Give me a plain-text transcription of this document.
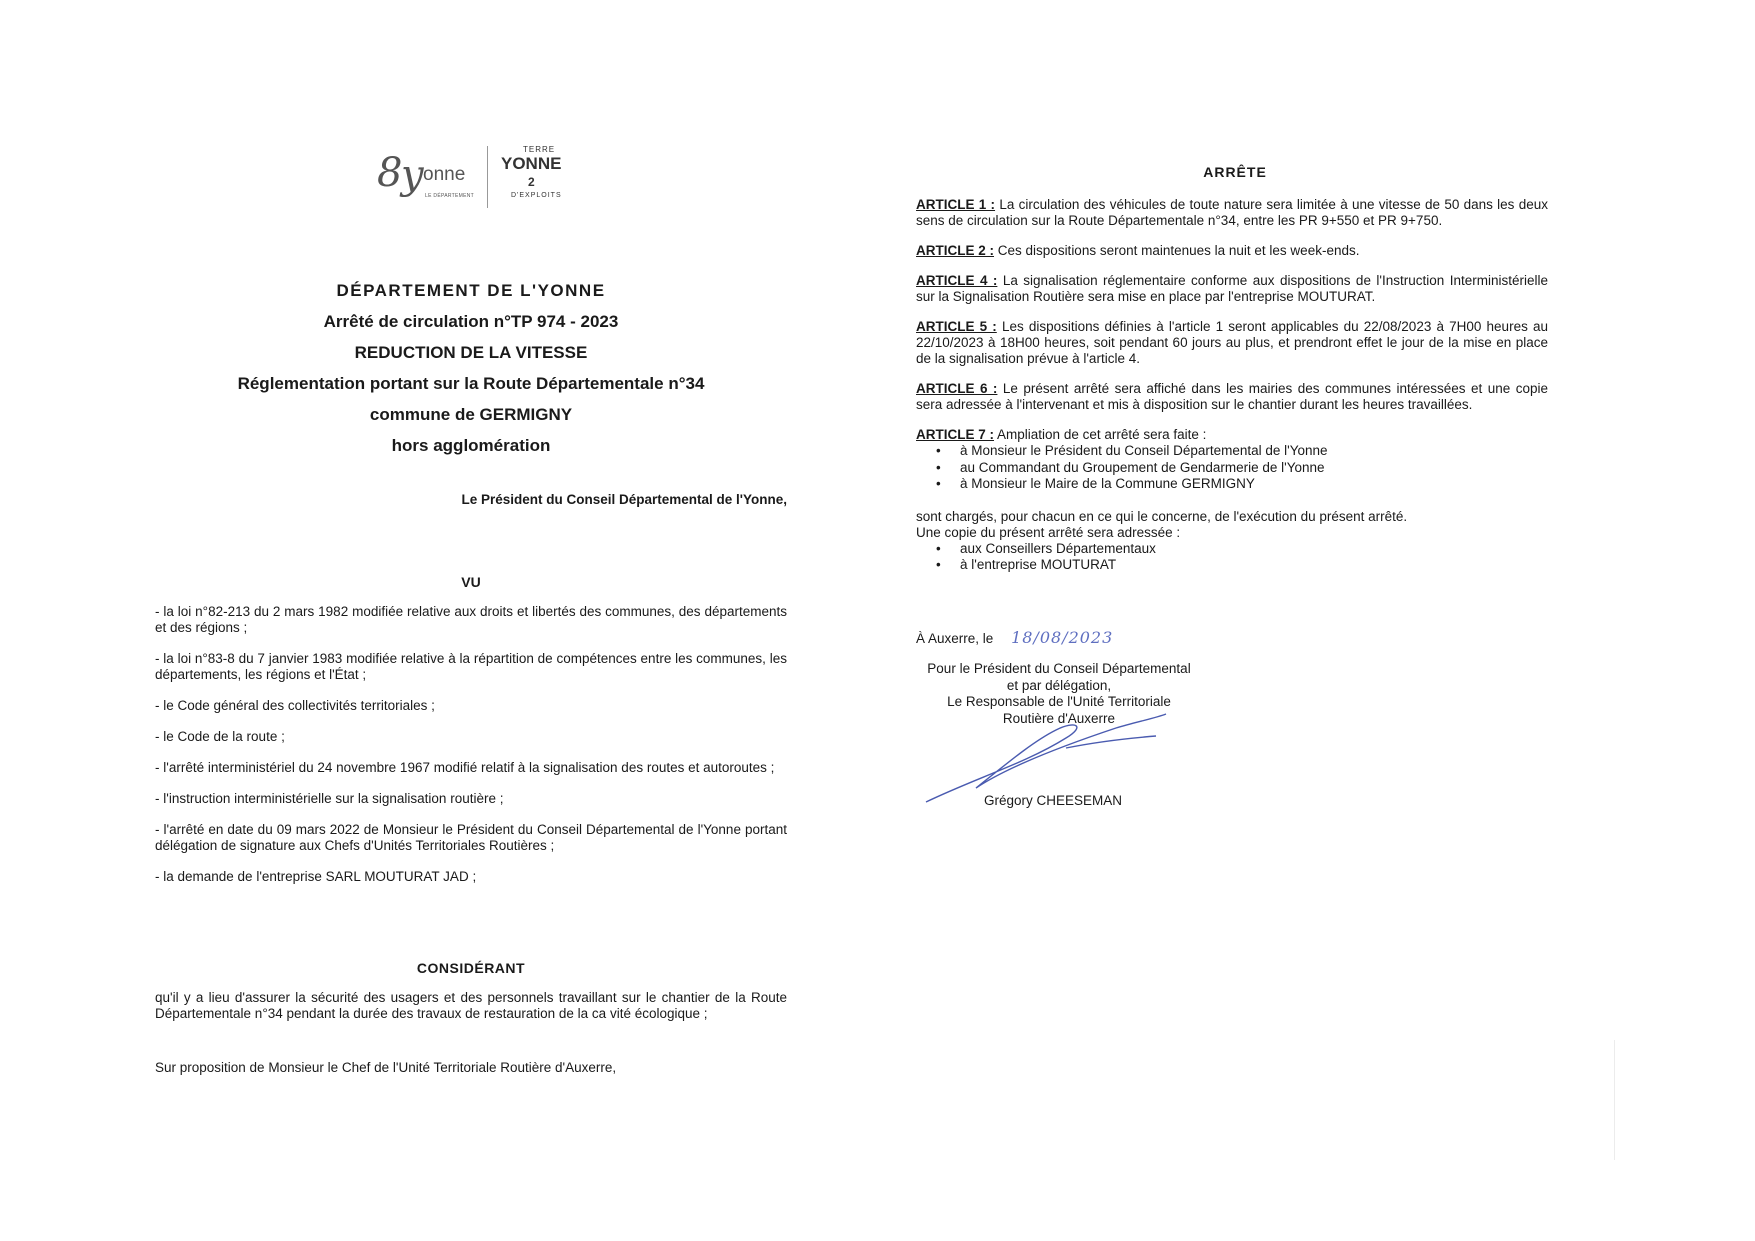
8
y onne
LE DÉPARTEMENT
TERRE
YONNE
2
D'EXPLOITS
DÉPARTEMENT DE L'YONNE
Arrêté de circulation n°TP 974 - 2023
REDUCTION DE LA VITESSE
Réglementation portant sur la Route Départementale n°34
commune de GERMIGNY
hors agglomération
Le Président du Conseil Départemental de l'Yonne,
VU
- la loi n°82-213 du 2 mars 1982 modifiée relative aux droits et libertés des communes, des départements et des régions ;
- la loi n°83-8 du 7 janvier 1983 modifiée relative à la répartition de compétences entre les communes, les départements, les régions et l'État ;
- le Code général des collectivités territoriales ;
- le Code de la route ;
- l'arrêté interministériel du 24 novembre 1967 modifié relatif à la signalisation des routes et autoroutes ;
- l'instruction interministérielle sur la signalisation routière ;
- l'arrêté en date du 09 mars 2022 de Monsieur le Président du Conseil Départemental de l'Yonne portant délégation de signature aux Chefs d'Unités Territoriales Routières ;
- la demande de l'entreprise SARL MOUTURAT JAD ;
CONSIDÉRANT
qu'il y a lieu d'assurer la sécurité des usagers et des personnels travaillant sur le chantier de la Route Départementale n°34 pendant la durée des travaux de restauration de la ca vité écologique ;
Sur proposition de Monsieur le Chef de l'Unité Territoriale Routière d'Auxerre,
ARRÊTE
ARTICLE 1 : La circulation des véhicules de toute nature sera limitée à une vitesse de 50 dans les deux sens de circulation sur la Route Départementale n°34, entre les PR 9+550 et PR 9+750.
ARTICLE 2 : Ces dispositions seront maintenues la nuit et les week-ends.
ARTICLE 4 : La signalisation réglementaire conforme aux dispositions de l'Instruction Interministérielle sur la Signalisation Routière sera mise en place par l'entreprise MOUTURAT.
ARTICLE 5 : Les dispositions définies à l'article 1 seront applicables du 22/08/2023 à 7H00 heures au 22/10/2023 à 18H00 heures, soit pendant 60 jours au plus, et prendront effet le jour de la mise en place de la signalisation prévue à l'article 4.
ARTICLE 6 : Le présent arrêté sera affiché dans les mairies des communes intéressées et une copie sera adressée à l'intervenant et mis à disposition sur le chantier durant les heures travaillées.
ARTICLE 7 : Ampliation de cet arrêté sera faite :
• à Monsieur le Président du Conseil Départemental de l'Yonne
• au Commandant du Groupement de Gendarmerie de l'Yonne
• à Monsieur le Maire de la Commune GERMIGNY
sont chargés, pour chacun en ce qui le concerne, de l'exécution du présent arrêté.
Une copie du présent arrêté sera adressée :
• aux Conseillers Départementaux
• à l'entreprise MOUTURAT
À Auxerre, le 18/08/2023
Pour le Président du Conseil Départemental
et par délégation,
Le Responsable de l'Unité Territoriale
Routière d'Auxerre
Grégory CHEESEMAN
